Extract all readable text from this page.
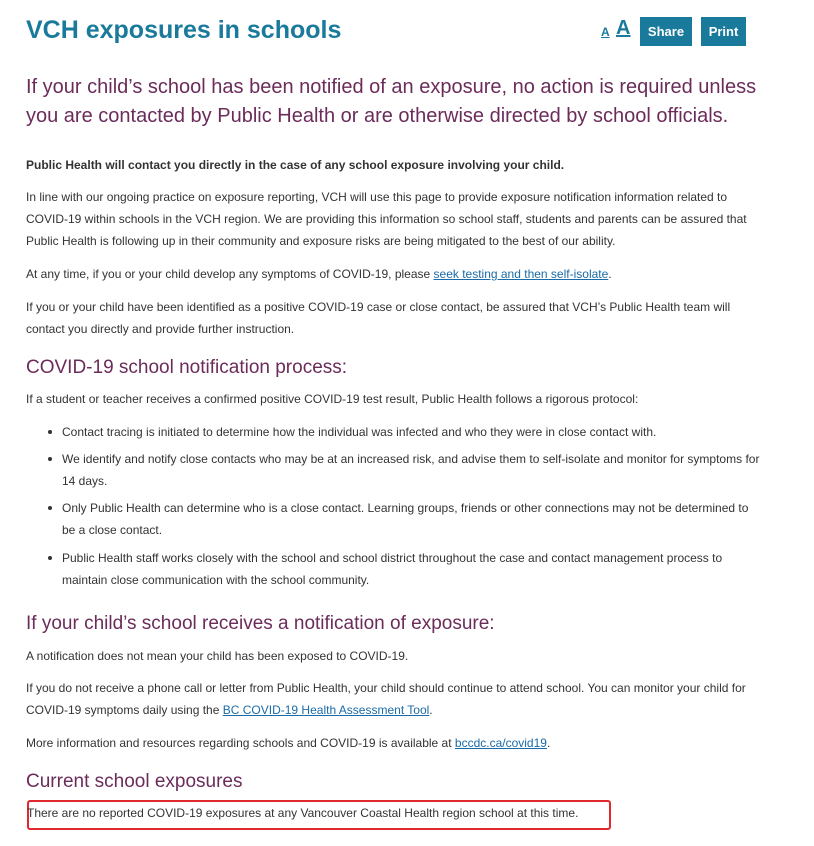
VCH exposures in schools	A A	Share	Print

If your child’s school has been notified of an exposure, no action is required unless you are contacted by Public Health or are otherwise directed by school officials.

Public Health will contact you directly in the case of any school exposure involving your child.

In line with our ongoing practice on exposure reporting, VCH will use this page to provide exposure notification information related to COVID-19 within schools in the VCH region. We are providing this information so school staff, students and parents can be assured that Public Health is following up in their community and exposure risks are being mitigated to the best of our ability.

At any time, if you or your child develop any symptoms of COVID-19, please seek testing and then self-isolate.

If you or your child have been identified as a positive COVID-19 case or close contact, be assured that VCH’s Public Health team will contact you directly and provide further instruction.

COVID-19 school notification process:

If a student or teacher receives a confirmed positive COVID-19 test result, Public Health follows a rigorous protocol:

Contact tracing is initiated to determine how the individual was infected and who they were in close contact with.
We identify and notify close contacts who may be at an increased risk, and advise them to self-isolate and monitor for symptoms for 14 days.
Only Public Health can determine who is a close contact. Learning groups, friends or other connections may not be determined to be a close contact.
Public Health staff works closely with the school and school district throughout the case and contact management process to maintain close communication with the school community.
If your child’s school receives a notification of exposure:

A notification does not mean your child has been exposed to COVID-19.

If you do not receive a phone call or letter from Public Health, your child should continue to attend school. You can monitor your child for COVID-19 symptoms daily using the BC COVID-19 Health Assessment Tool.

More information and resources regarding schools and COVID-19 is available at bccdc.ca/covid19.

Current school exposures

There are no reported COVID-19 exposures at any Vancouver Coastal Health region school at this time.
